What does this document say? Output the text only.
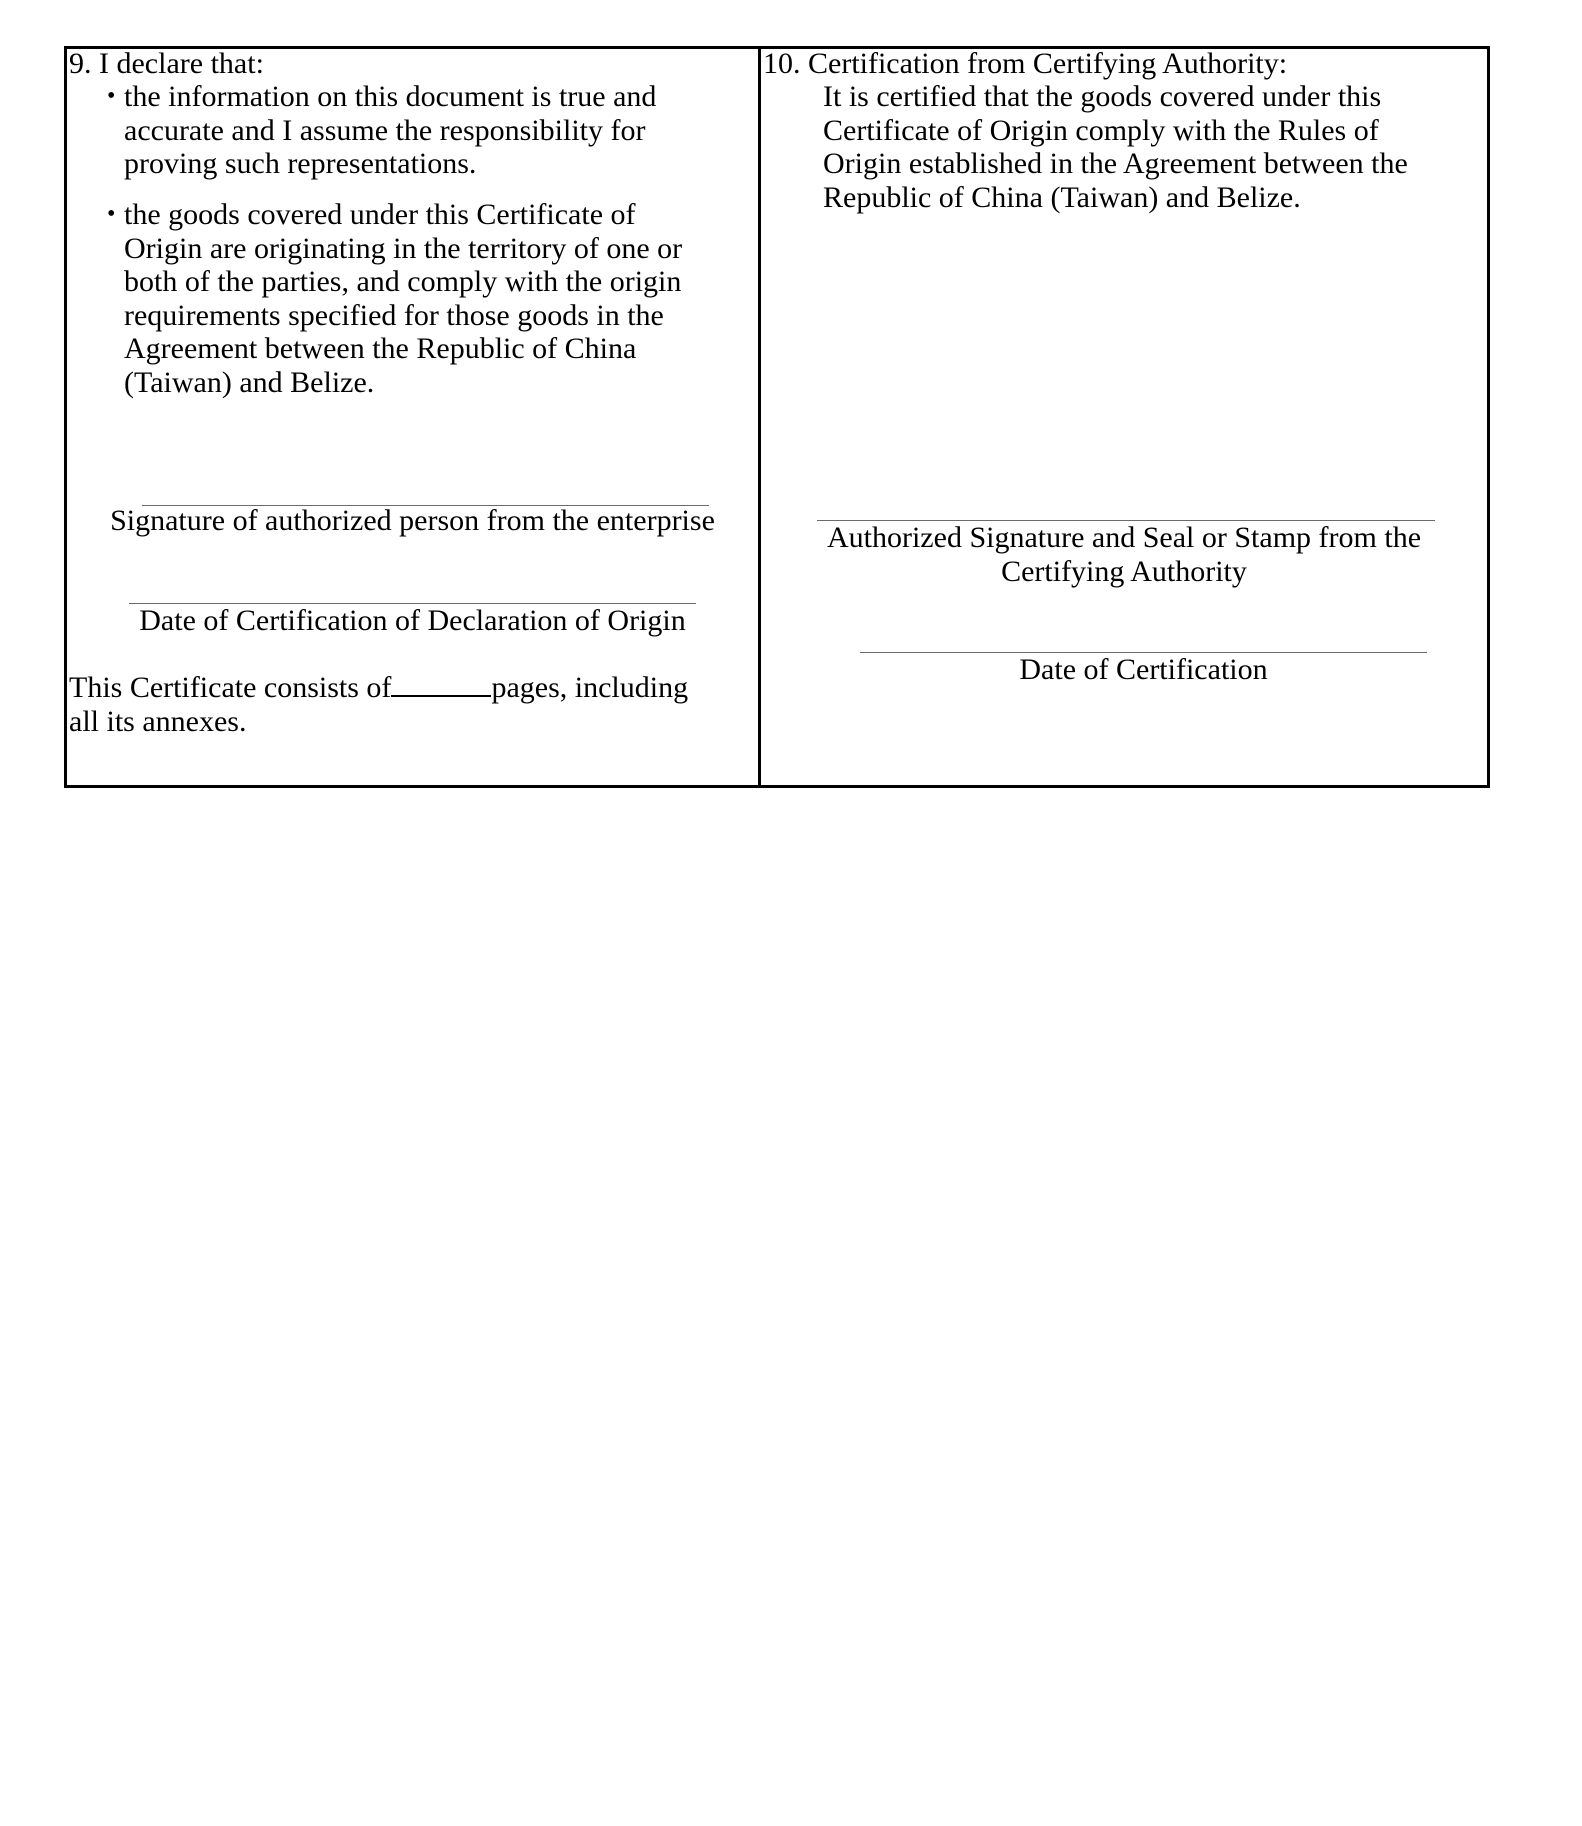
9. I declare that:

• the information on this document is true and

accurate and I assume the responsibility for

proving such representations.

• the goods covered under this Certificate of

Origin are originating in the territory of one or

both of the parties, and comply with the origin

requirements specified for those goods in the

Agreement between the Republic of China

(Taiwan) and Belize.

Signature of authorized person from the enterprise

Date of Certification of Declaration of Origin

This Certificate consists of	pages, including

all its annexes.

10. Certification from Certifying Authority:

It is certified that the goods covered under this

Certificate of Origin comply with the Rules of

Origin established in the Agreement between the

Republic of China (Taiwan) and Belize.

Authorized Signature and Seal or Stamp from the

Certifying Authority

Date of Certification
